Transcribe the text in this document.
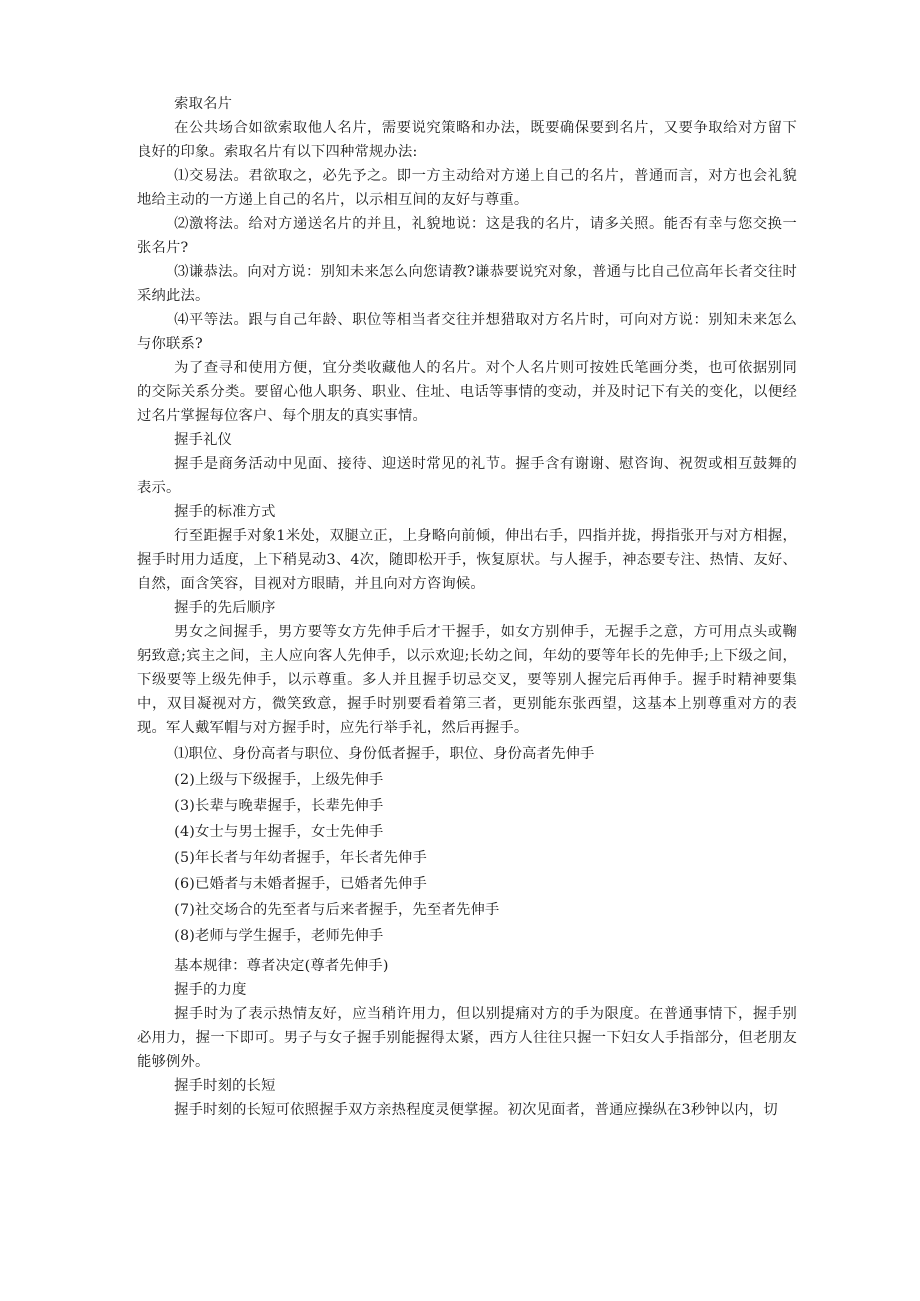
索取名片

在公共场合如欲索取他人名片，需要说究策略和办法，既要确保要到名片，又要争取给对方留下良好的印象。索取名片有以下四种常规办法:

⑴交易法。君欲取之，必先予之。即一方主动给对方递上自己的名片，普通而言，对方也会礼貌地给主动的一方递上自己的名片，以示相互间的友好与尊重。

⑵激将法。给对方递送名片的并且，礼貌地说：这是我的名片，请多关照。能否有幸与您交换一张名片?

⑶谦恭法。向对方说：别知未来怎么向您请教?谦恭要说究对象，普通与比自己位高年长者交往时采纳此法。

⑷平等法。跟与自己年龄、职位等相当者交往并想猎取对方名片时，可向对方说：别知未来怎么与你联系?

为了查寻和使用方便，宜分类收藏他人的名片。对个人名片则可按姓氏笔画分类，也可依据别同的交际关系分类。要留心他人职务、职业、住址、电话等事情的变动，并及时记下有关的变化，以便经过名片掌握每位客户、每个朋友的真实事情。

握手礼仪

握手是商务活动中见面、接待、迎送时常见的礼节。握手含有谢谢、慰咨询、祝贺或相互鼓舞的表示。

握手的标准方式

行至距握手对象1米处，双腿立正，上身略向前倾，伸出右手，四指并拢，拇指张开与对方相握，握手时用力适度，上下稍晃动3、4次，随即松开手，恢复原状。与人握手，神态要专注、热情、友好、自然，面含笑容，目视对方眼睛，并且向对方咨询候。

握手的先后顺序

男女之间握手，男方要等女方先伸手后才干握手，如女方别伸手，无握手之意，方可用点头或鞠躬致意;宾主之间，主人应向客人先伸手，以示欢迎;长幼之间，年幼的要等年长的先伸手;上下级之间，下级要等上级先伸手，以示尊重。多人并且握手切忌交叉，要等别人握完后再伸手。握手时精神要集中，双目凝视对方，微笑致意，握手时别要看着第三者，更别能东张西望，这基本上别尊重对方的表现。军人戴军帽与对方握手时，应先行举手礼，然后再握手。

⑴职位、身份高者与职位、身份低者握手，职位、身份高者先伸手

(2)上级与下级握手，上级先伸手

(3)长辈与晚辈握手，长辈先伸手

(4)女士与男士握手，女士先伸手

(5)年长者与年幼者握手，年长者先伸手

(6)已婚者与未婚者握手，已婚者先伸手

(7)社交场合的先至者与后来者握手，先至者先伸手

(8)老师与学生握手，老师先伸手

基本规律：尊者决定(尊者先伸手)

握手的力度

握手时为了表示热情友好，应当稍许用力，但以别提痛对方的手为限度。在普通事情下，握手别必用力，握一下即可。男子与女子握手别能握得太紧，西方人往往只握一下妇女人手指部分，但老朋友能够例外。

握手时刻的长短

握手时刻的长短可依照握手双方亲热程度灵便掌握。初次见面者，普通应操纵在3秒钟以内，切
